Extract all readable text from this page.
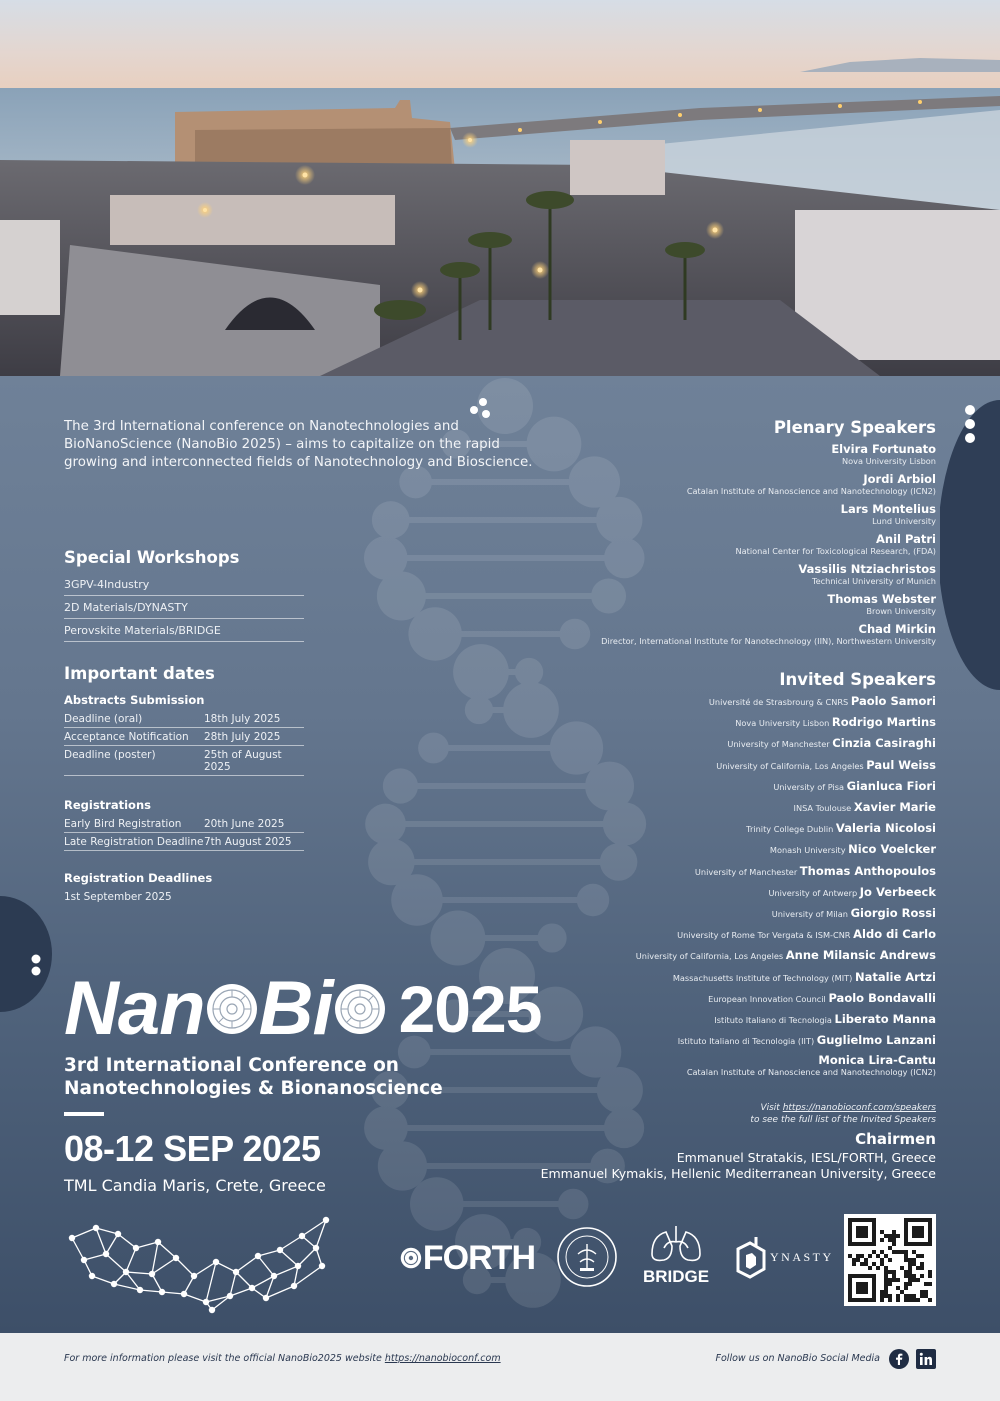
The 3rd International conference on Nanotechnologies and BioNanoScience (NanoBio 2025) – aims to capitalize on the rapid growing and interconnected fields of Nanotechnology and Bioscience.
Special Workshops
3GPV-4Industry
2D Materials/DYNASTY
Perovskite Materials/BRIDGE
Important dates
Abstracts Submission
Deadline (oral)	18th July 2025
Acceptance Notification	28th July 2025
Deadline (poster)	25th of August 2025
Registrations
Early Bird Registration	20th June 2025
Late Registration Deadline 7th August 2025
Registration Deadlines
1st September 2025
Nan Bi 2025
3rd International Conference on
Nanotechnologies & Bionanoscience
08-12 SEP 2025
TML Candia Maris, Crete, Greece
Plenary Speakers
Elvira Fortunato
Nova University Lisbon
Jordi Arbiol
Catalan Institute of Nanoscience and Nanotechnology (ICN2)
Lars Montelius
Lund University
Anil Patri
National Center for Toxicological Research, (FDA)
Vassilis Ntziachristos
Technical University of Munich
Thomas Webster
Brown University
Chad Mirkin
Director, International Institute for Nanotechnology (IIN), Northwestern University
Invited Speakers
Université de Strasbrourg & CNRS Paolo Samori
Nova University Lisbon Rodrigo Martins
University of Manchester Cinzia Casiraghi
University of California, Los Angeles Paul Weiss
University of Pisa Gianluca Fiori
INSA Toulouse Xavier Marie
Trinity College Dublin Valeria Nicolosi
Monash University Nico Voelcker
University of Manchester Thomas Anthopoulos
University of Antwerp Jo Verbeeck
University of Milan Giorgio Rossi
University of Rome Tor Vergata & ISM-CNR Aldo di Carlo
University of California, Los Angeles Anne Milansic Andrews
Massachusetts Institute of Technology (MIT) Natalie Artzi
European Innovation Council Paolo Bondavalli
Istituto Italiano di Tecnologia Liberato Manna
Istituto Italiano di Tecnologia (IIT) Guglielmo Lanzani
Monica Lira-Cantu
Catalan Institute of Nanoscience and Nanotechnology (ICN2)
Visit https://nanobioconf.com/speakers
to see the full list of the Invited Speakers
Chairmen
Emmanuel Stratakis, IESL/FORTH, Greece
Emmanuel Kymakis, Hellenic Mediterranean University, Greece
FORTH	BRIDGE
YNASTY
For more information please visit the official NanoBio2025 website https://nanobioconf.com	Follow us on NanoBio Social Media
